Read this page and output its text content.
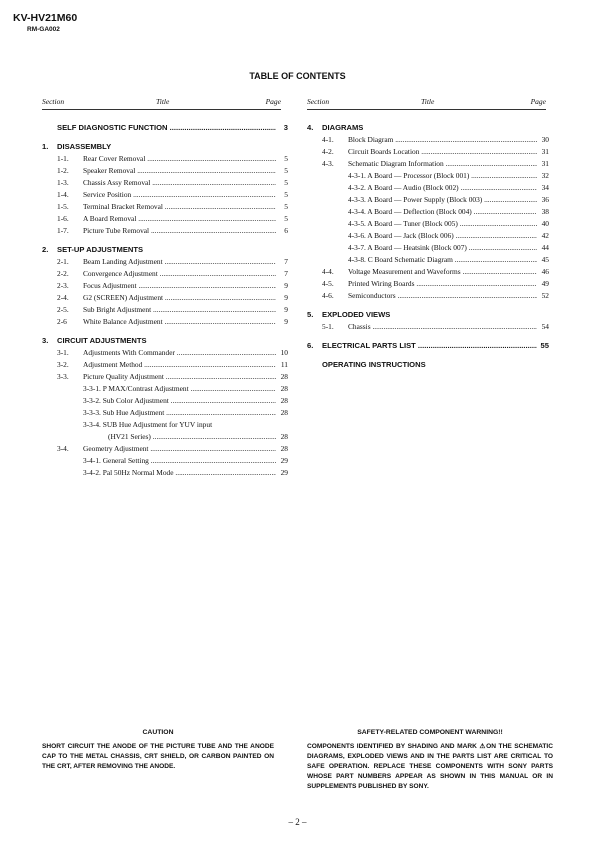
KV-HV21M60
RM-GA002
TABLE OF CONTENTS
Section	Title	Page	Section	Title	Page
SELF DIAGNOSTIC FUNCTION .....	3
1. DISASSEMBLY
1-1. Rear Cover Removal .....	5
1-2. Speaker Removal .....	5
1-3. Chassis Assy Removal .....	5
1-4. Service Position .....	5
1-5. Terminal Bracket Removal .....	5
1-6. A Board Removal .....	5
1-7. Picture Tube Removal .....	6
2. SET-UP ADJUSTMENTS
2-1. Beam Landing Adjustment .....	7
2-2. Convergence Adjustment .....	7
2-3. Focus Adjustment .....	9
2-4. G2 (SCREEN) Adjustment .....	9
2-5. Sub Bright Adjustment .....	9
2-6 White Balance Adjustment .....	9
3. CIRCUIT ADJUSTMENTS
3-1. Adjustments With Commander .....	10
3-2. Adjustment Method .....	11
3-3. Picture Quality Adjustment .....	28
3-3-1. P MAX/Contrast Adjustment .....	28
3-3-2. Sub Color Adjustment .....	28
3-3-3. Sub Hue Adjustment .....	28
3-3-4. SUB Hue Adjustment for YUV input
(HV21 Series) .....	28
3-4. Geometry Adjustment .....	28
3-4-1. General Setting .....	29
3-4-2. Pal 50Hz Normal Mode .....	29
4. DIAGRAMS
4-1. Block Diagram .....	30
4-2. Circuit Boards Location .....	31
4-3. Schematic Diagram Information .....	31
4-3-1. A Board — Processor (Block 001) .....	32
4-3-2. A Board — Audio (Block 002) .....	34
4-3-3. A Board — Power Supply (Block 003) .....	36
4-3-4. A Board — Deflection (Block 004) .....	38
4-3-5. A Board — Tuner (Block 005) .....	40
4-3-6. A Board — Jack (Block 006) .....	42
4-3-7. A Board — Heatsink (Block 007) .....	44
4-3-8. C Board Schematic Diagram .....	45
4-4. Voltage Measurement and Waveforms .....	46
4-5. Printed Wiring Boards .....	49
4-6. Semiconductors .....	52
5. EXPLODED VIEWS
5-1. Chassis .....	54
6. ELECTRICAL PARTS LIST .....	55
OPERATING INSTRUCTIONS
CAUTION
SHORT CIRCUIT THE ANODE OF THE PICTURE TUBE AND THE ANODE CAP TO THE METAL CHASSIS, CRT SHIELD, OR CARBON PAINTED ON THE CRT, AFTER REMOVING THE ANODE.
SAFETY-RELATED COMPONENT WARNING!!
COMPONENTS IDENTIFIED BY SHADING AND MARK ⚠ON THE SCHEMATIC DIAGRAMS, EXPLODED VIEWS AND IN THE PARTS LIST ARE CRITICAL TO SAFE OPERATION. REPLACE THESE COMPONENTS WITH SONY PARTS WHOSE PART NUMBERS APPEAR AS SHOWN IN THIS MANUAL OR IN SUPPLEMENTS PUBLISHED BY SONY.
– 2 –
